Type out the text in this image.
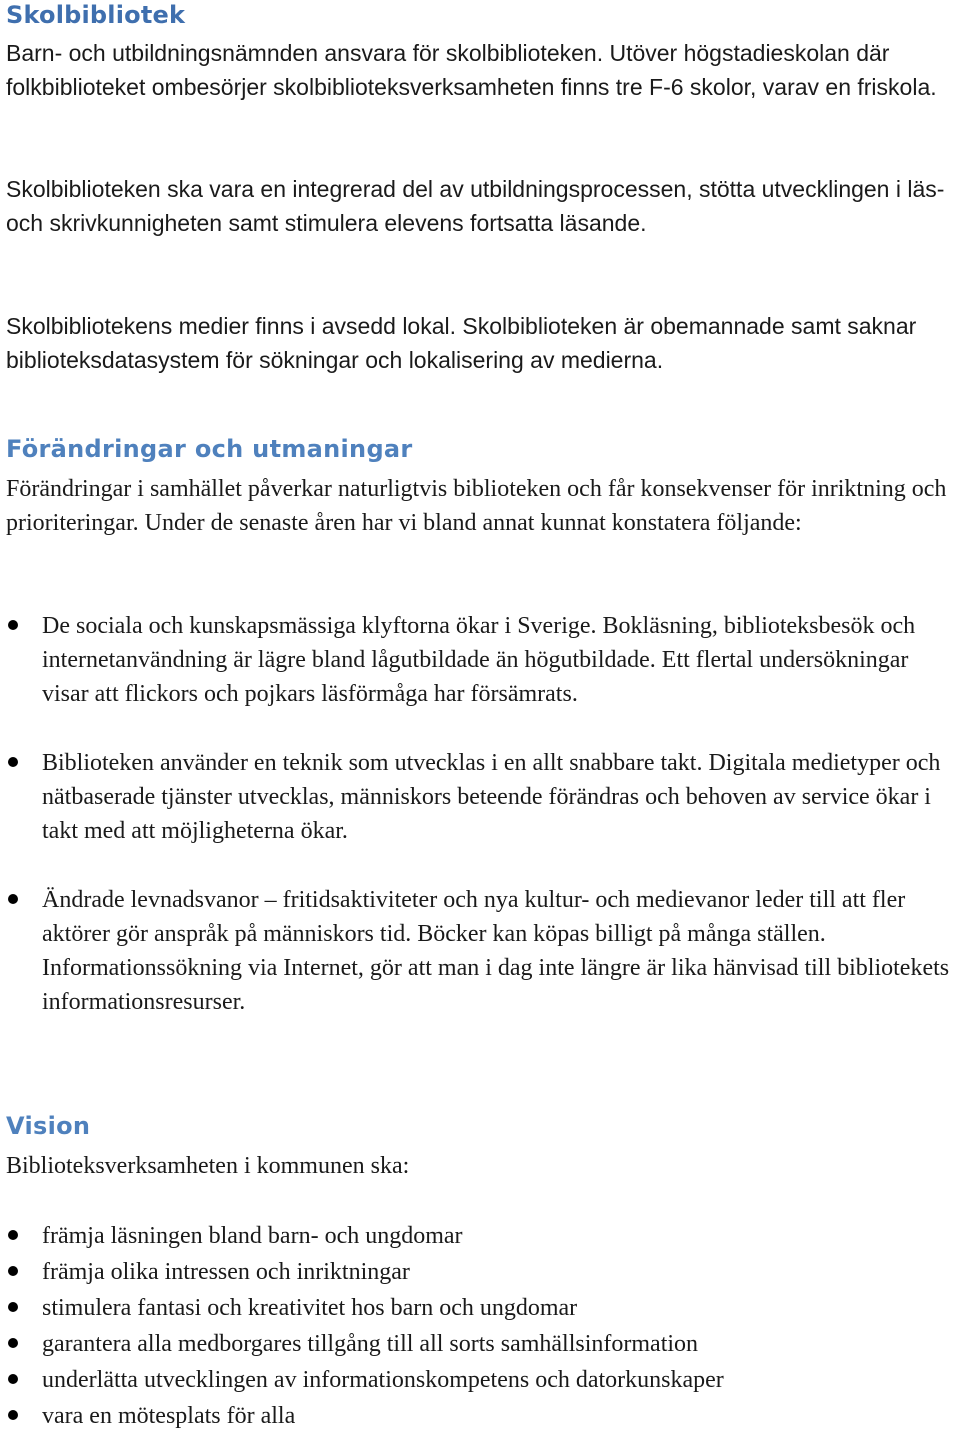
Skolbibliotek

Barn- och utbildningsnämnden ansvara för skolbiblioteken. Utöver högstadieskolan där folkbiblioteket ombesörjer skolbiblioteksverksamheten finns tre F-6 skolor, varav en friskola.

Skolbiblioteken ska vara en integrerad del av utbildningsprocessen, stötta utvecklingen i läs- och skrivkunnigheten samt stimulera elevens fortsatta läsande.

Skolbibliotekens medier finns i avsedd lokal. Skolbiblioteken är obemannade samt saknar biblioteksdatasystem för sökningar och lokalisering av medierna.

Förändringar och utmaningar

Förändringar i samhället påverkar naturligtvis biblioteken och får konsekvenser för inriktning och prioriteringar. Under de senaste åren har vi bland annat kunnat konstatera följande:

De sociala och kunskapsmässiga klyftorna ökar i Sverige. Bokläsning, biblioteksbesök och internetanvändning är lägre bland lågutbildade än högutbildade. Ett flertal undersökningar visar att flickors och pojkars läsförmåga har försämrats.
Biblioteken använder en teknik som utvecklas i en allt snabbare takt. Digitala medietyper och nätbaserade tjänster utvecklas, människors beteende förändras och behoven av service ökar i takt med att möjligheterna ökar.
Ändrade levnadsvanor – fritidsaktiviteter och nya kultur- och medievanor leder till att fler aktörer gör anspråk på människors tid. Böcker kan köpas billigt på många ställen. Informationssökning via Internet, gör att man i dag inte längre är lika hänvisad till bibliotekets informationsresurser.
Vision

Biblioteksverksamheten i kommunen ska:

främja läsningen bland barn- och ungdomar
främja olika intressen och inriktningar
stimulera fantasi och kreativitet hos barn och ungdomar
garantera alla medborgares tillgång till all sorts samhällsinformation
underlätta utvecklingen av informationskompetens och datorkunskaper
vara en mötesplats för alla
